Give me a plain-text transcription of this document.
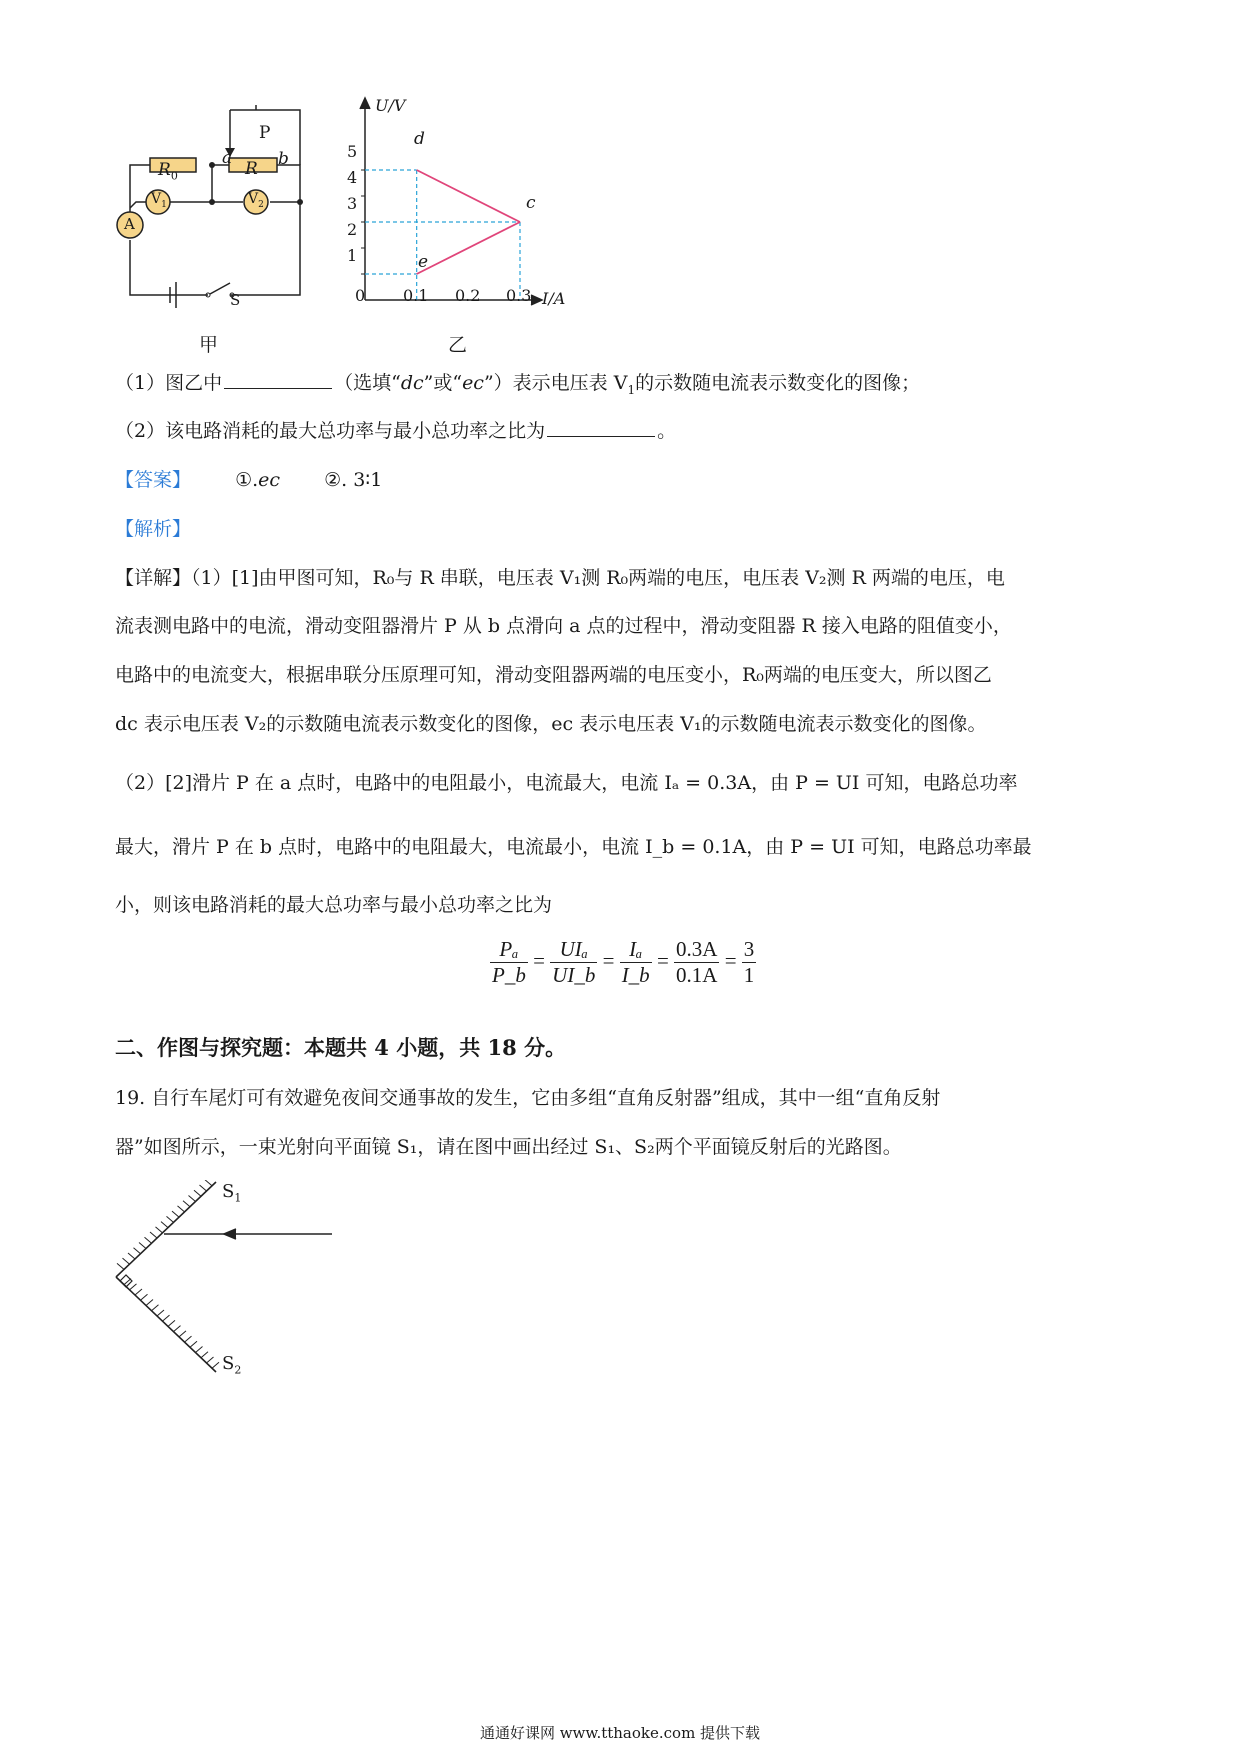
$R_0$
a
R b
P
$V_1$	$V_2$
A
S
甲
U/V
I/A
0
5
4
3
2
1
0.1 0.2 0.3
d
c
e
乙
（1）图乙中	（选填“dc”或“ec”）表示电压表 $V_1$的示数随电流表示数变化的图像；
（2）该电路消耗的最大总功率与最小总功率之比为	。
【答案】 ①.ec ②. 3∶1
【解析】
【详解】（1）[1]由甲图可知，R₀与 R 串联，电压表 V₁测 R₀两端的电压，电压表 V₂测 R 两端的电压，电
流表测电路中的电流，滑动变阻器滑片 P 从 b 点滑向 a 点的过程中，滑动变阻器 R 接入电路的阻值变小，
电路中的电流变大，根据串联分压原理可知，滑动变阻器两端的电压变小，R₀两端的电压变大，所以图乙
dc 表示电压表 V₂的示数随电流表示数变化的图像，ec 表示电压表 V₁的示数随电流表示数变化的图像。
（2）[2]滑片 P 在 a 点时，电路中的电阻最小，电流最大，电流 Iₐ = 0.3A，由 P = UI 可知，电路总功率
最大，滑片 P 在 b 点时，电路中的电阻最大，电流最小，电流 I_b = 0.1A，由 P = UI 可知，电路总功率最
小，则该电路消耗的最大总功率与最小总功率之比为
$\frac{\text{Pₐ}}{P\_b} = \frac{\text{UIₐ}}{UI\_b} = \frac{\text{Iₐ}}{I\_b} = \frac{0.3A}{0.1A} = \frac{3}{1}$
二、作图与探究题：本题共 4 小题，共 18 分。
19. 自行车尾灯可有效避免夜间交通事故的发生，它由多组“直角反射器”组成，其中一组“直角反射
器”如图所示，一束光射向平面镜 S₁，请在图中画出经过 S₁、S₂两个平面镜反射后的光路图。
$S_1$
$S_2$
通通好课网 www.tthaoke.com 提供下载
